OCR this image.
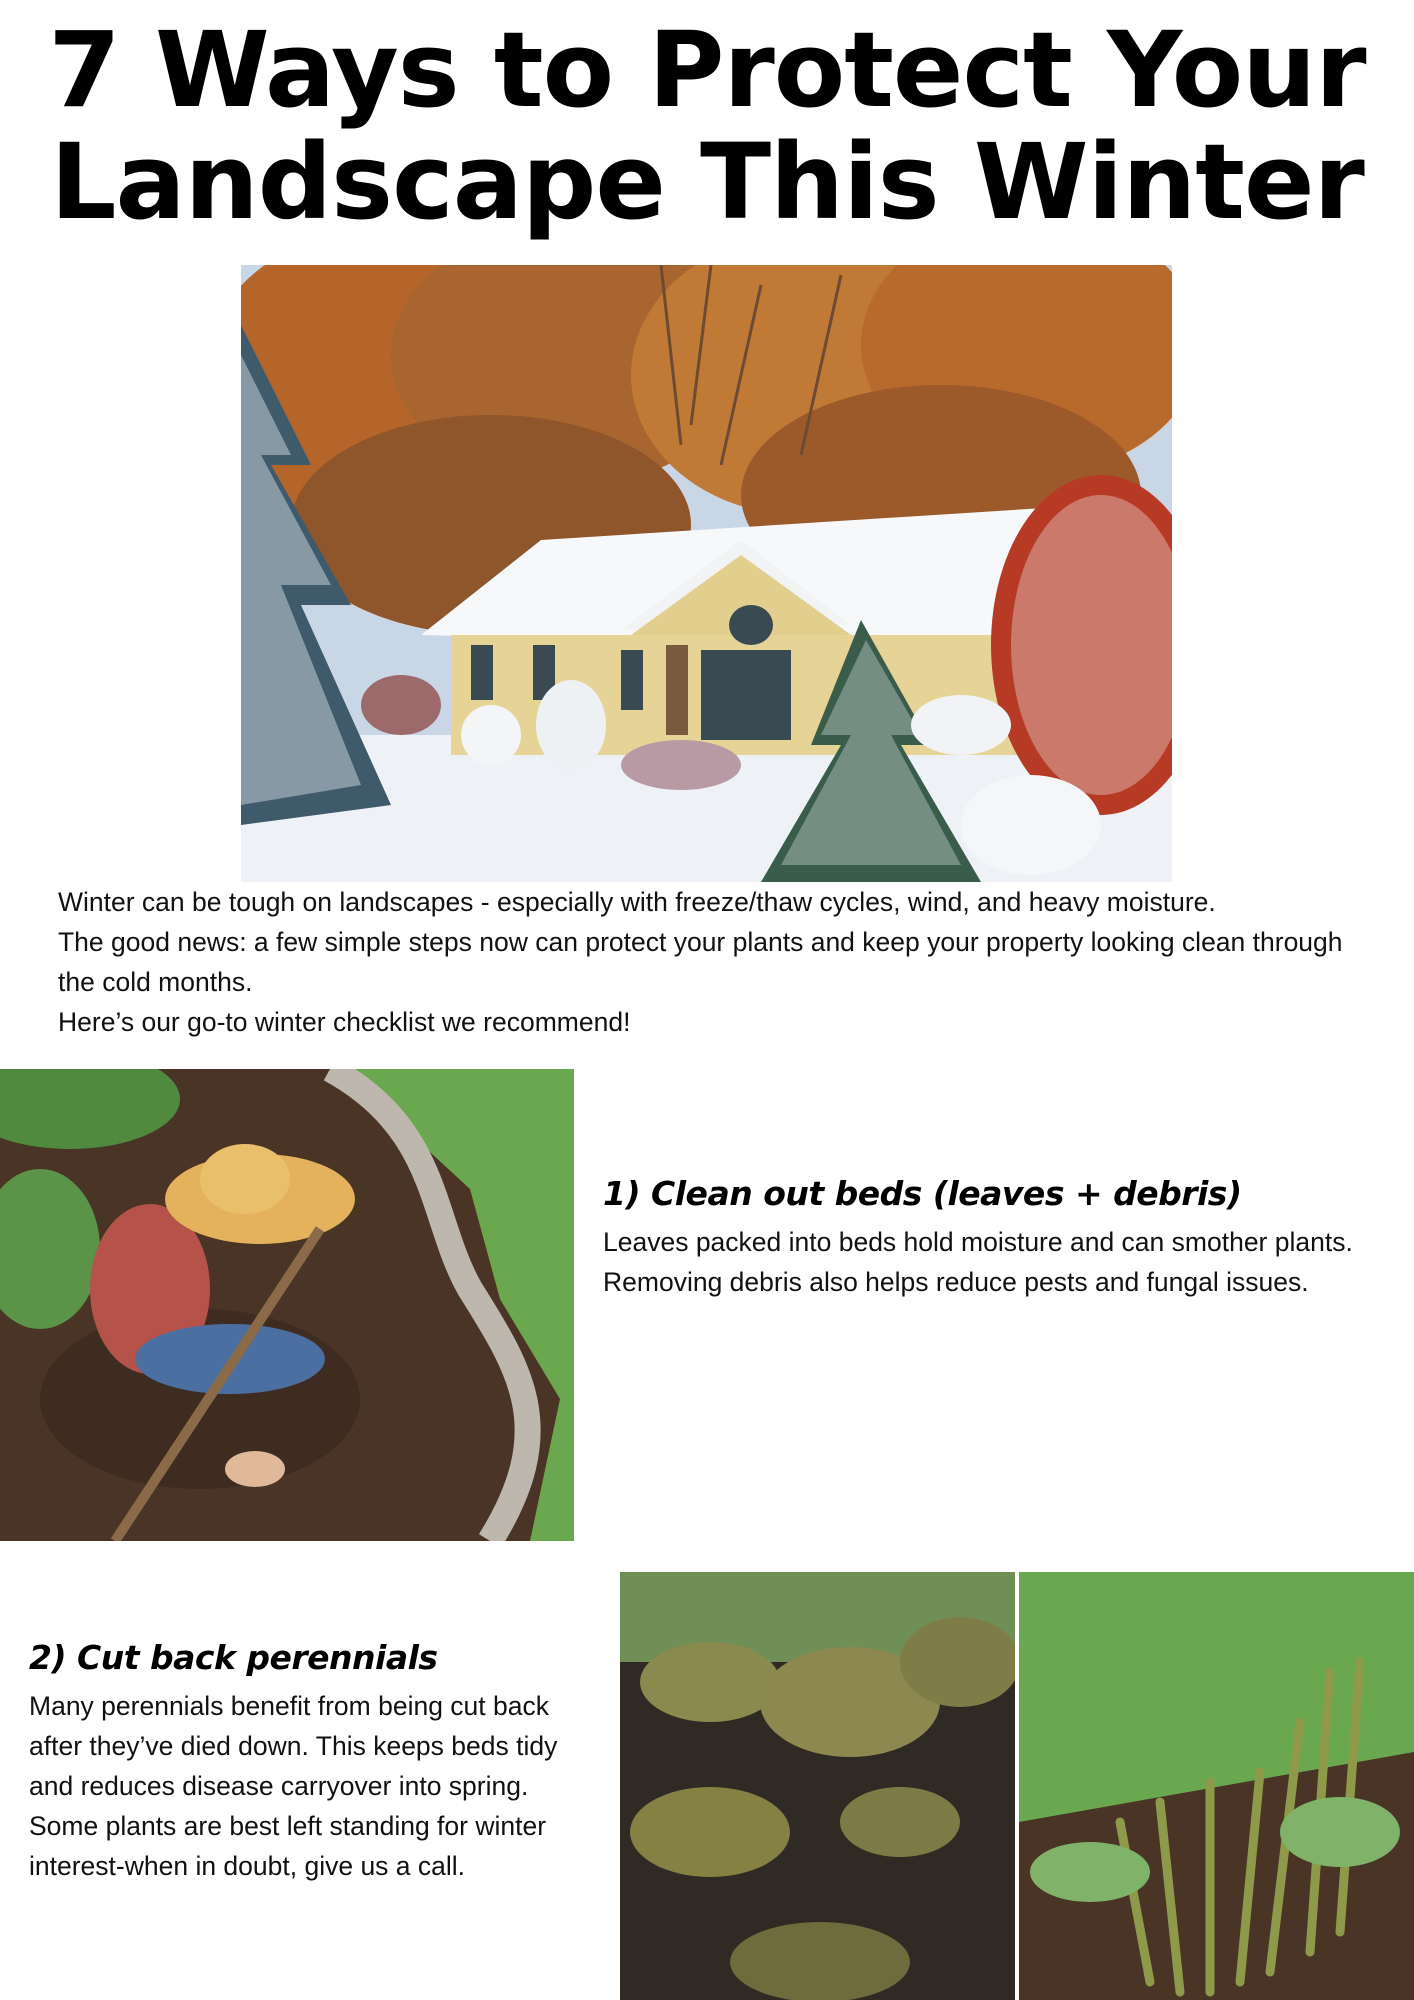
7 Ways to Protect Your
Landscape This Winter

Winter can be tough on landscapes - especially with freeze/thaw cycles, wind, and heavy moisture.

The good news: a few simple steps now can protect your plants and keep your property looking clean through the cold months.

Here’s our go-to winter checklist we recommend!

1) Clean out beds (leaves + debris)
Leaves packed into beds hold moisture and can smother plants. Removing debris also helps reduce pests and fungal issues.
2) Cut back perennials
Many perennials benefit from being cut back after they’ve died down. This keeps beds tidy and reduces disease carryover into spring. Some plants are best left standing for winter interest-when in doubt, give us a call.
